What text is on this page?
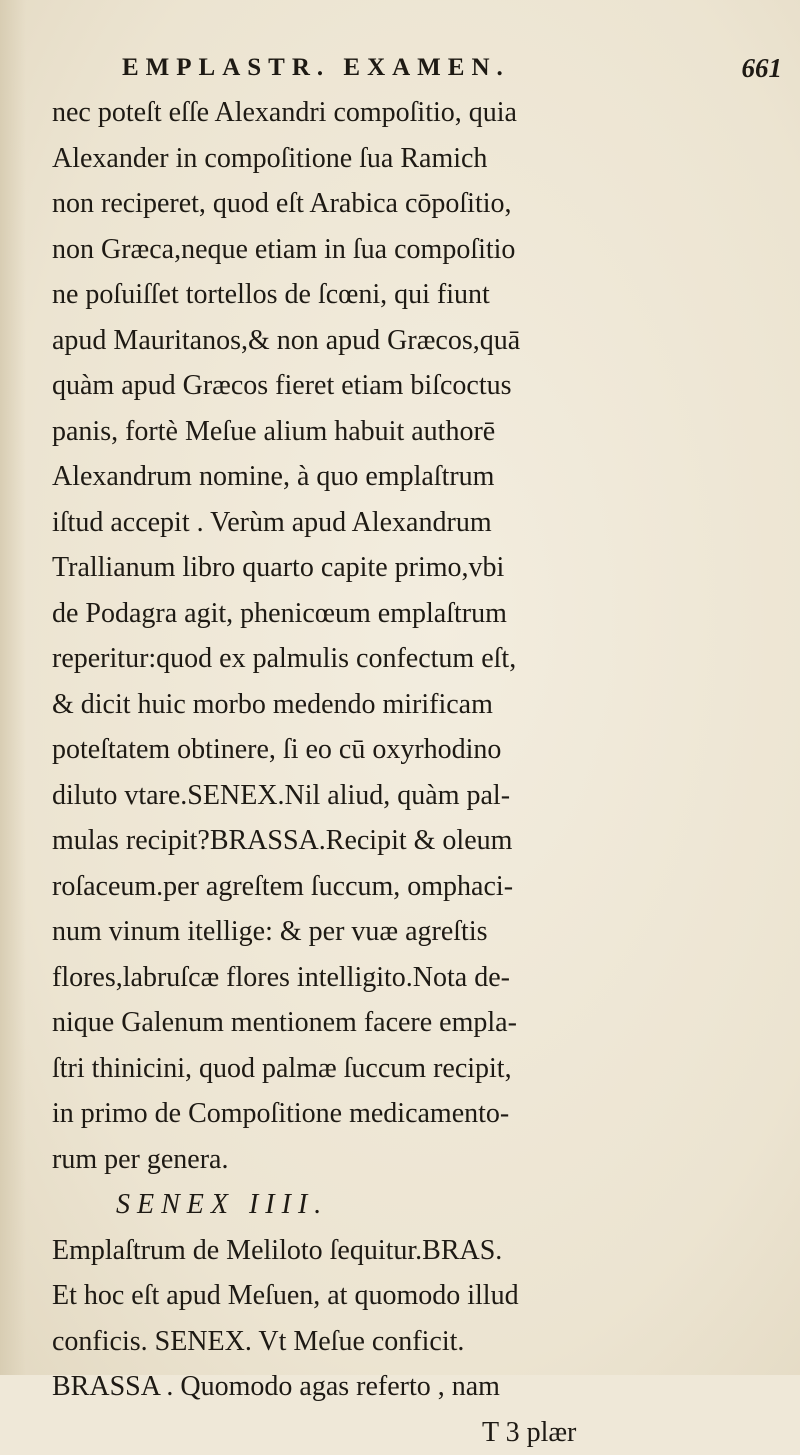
EMPLASTR. EXAMEN.	661
nec poteſt eſſe Alexandri compoſitio, quia
Alexander in compoſitione ſua Ramich
non reciperet, quod eſt Arabica cōpoſitio,
non Græca,neque etiam in ſua compoſitio
ne poſuiſſet tortellos de ſcœni, qui fiunt
apud Mauritanos,& non apud Græcos,quā
quàm apud Græcos fieret etiam biſcoctus
panis, fortè Meſue alium habuit authorē
Alexandrum nomine, à quo emplaſtrum
iſtud accepit . Verùm apud Alexandrum
Trallianum libro quarto capite primo,vbi
de Podagra agit, phenicœum emplaſtrum
reperitur:quod ex palmulis confectum eſt,
& dicit huic morbo medendo mirificam
poteſtatem obtinere, ſi eo cū oxyrhodino
diluto vtare.SENEX.Nil aliud, quàm pal-
mulas recipit?BRASSA.Recipit & oleum
roſaceum.per agreſtem ſuccum, omphaci-
num vinum itellige: & per vuæ agreſtis
flores,labruſcæ flores intelligito.Nota de-
nique Galenum mentionem facere empla-
ſtri thinicini, quod palmæ ſuccum recipit,
in primo de Compoſitione medicamento-
rum per genera.
SENEX IIII.
Emplaſtrum de Meliloto ſequitur.BRAS.
Et hoc eſt apud Meſuen, at quomodo illud
conficis. SENEX. Vt Meſue conficit.
BRASSA . Quomodo agas referto , nam
T 3 plær
